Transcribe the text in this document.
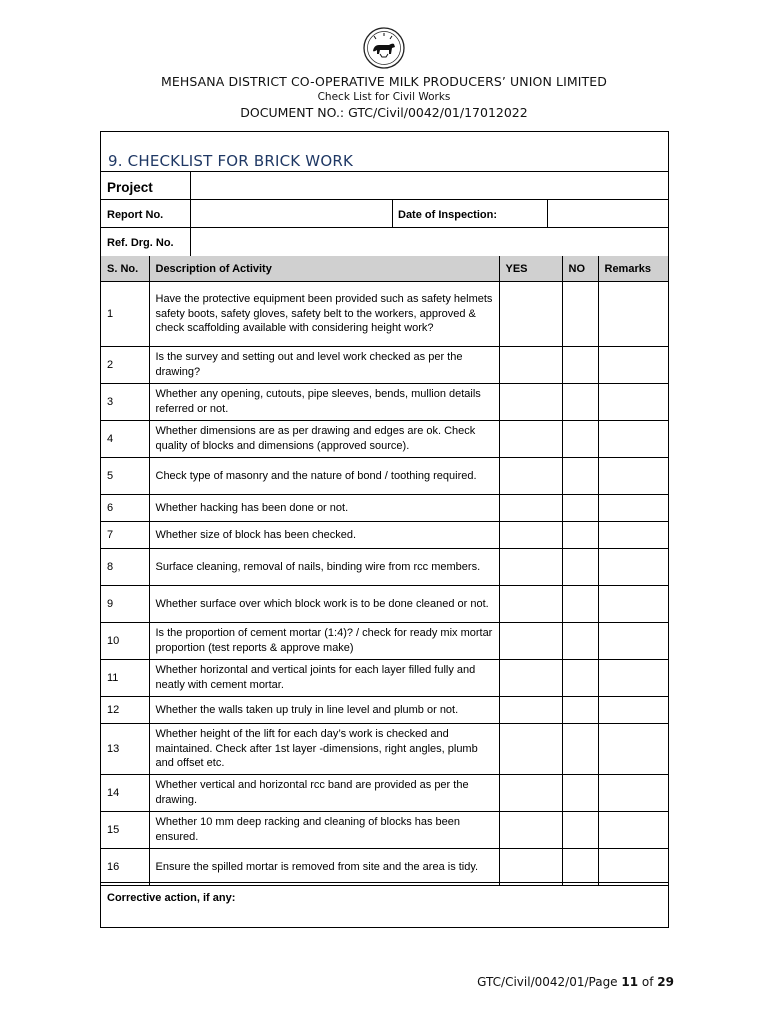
MEHSANA DISTRICT CO-OPERATIVE MILK PRODUCERS’ UNION LIMITED
Check List for Civil Works
DOCUMENT NO.: GTC/Civil/0042/01/17012022
9. CHECKLIST FOR BRICK WORK
Project
Report No.	Date of Inspection:
Ref. Drg. No.
S. No.	Description of Activity	YES	NO	Remarks
1	Have the protective equipment been provided such as safety helmets safety boots, safety gloves, safety belt to the workers, approved & check scaffolding available with considering height work?			
2	Is the survey and setting out and level work checked as per the drawing?			
3	Whether any opening, cutouts, pipe sleeves, bends, mullion details referred or not.			
4	Whether dimensions are as per drawing and edges are ok. Check quality of blocks and dimensions (approved source).			
5	Check type of masonry and the nature of bond / toothing required.			
6	Whether hacking has been done or not.			
7	Whether size of block has been checked.			
8	Surface cleaning, removal of nails, binding wire from rcc members.			
9	Whether surface over which block work is to be done cleaned or not.			
10	Is the proportion of cement mortar (1:4)? / check for ready mix mortar proportion (test reports & approve make)			
11	Whether horizontal and vertical joints for each layer filled fully and neatly with cement mortar.			
12	Whether the walls taken up truly in line level and plumb or not.			
13	Whether height of the lift for each day’s work is checked and maintained. Check after 1st layer -dimensions, right angles, plumb and offset etc.			
14	Whether vertical and horizontal rcc band are provided as per the drawing.			
15	Whether 10 mm deep racking and cleaning of blocks has been ensured.			
16	Ensure the spilled mortar is removed from site and the area is tidy.			
Corrective action, if any:
GTC/Civil/0042/01/Page 11 of 29
